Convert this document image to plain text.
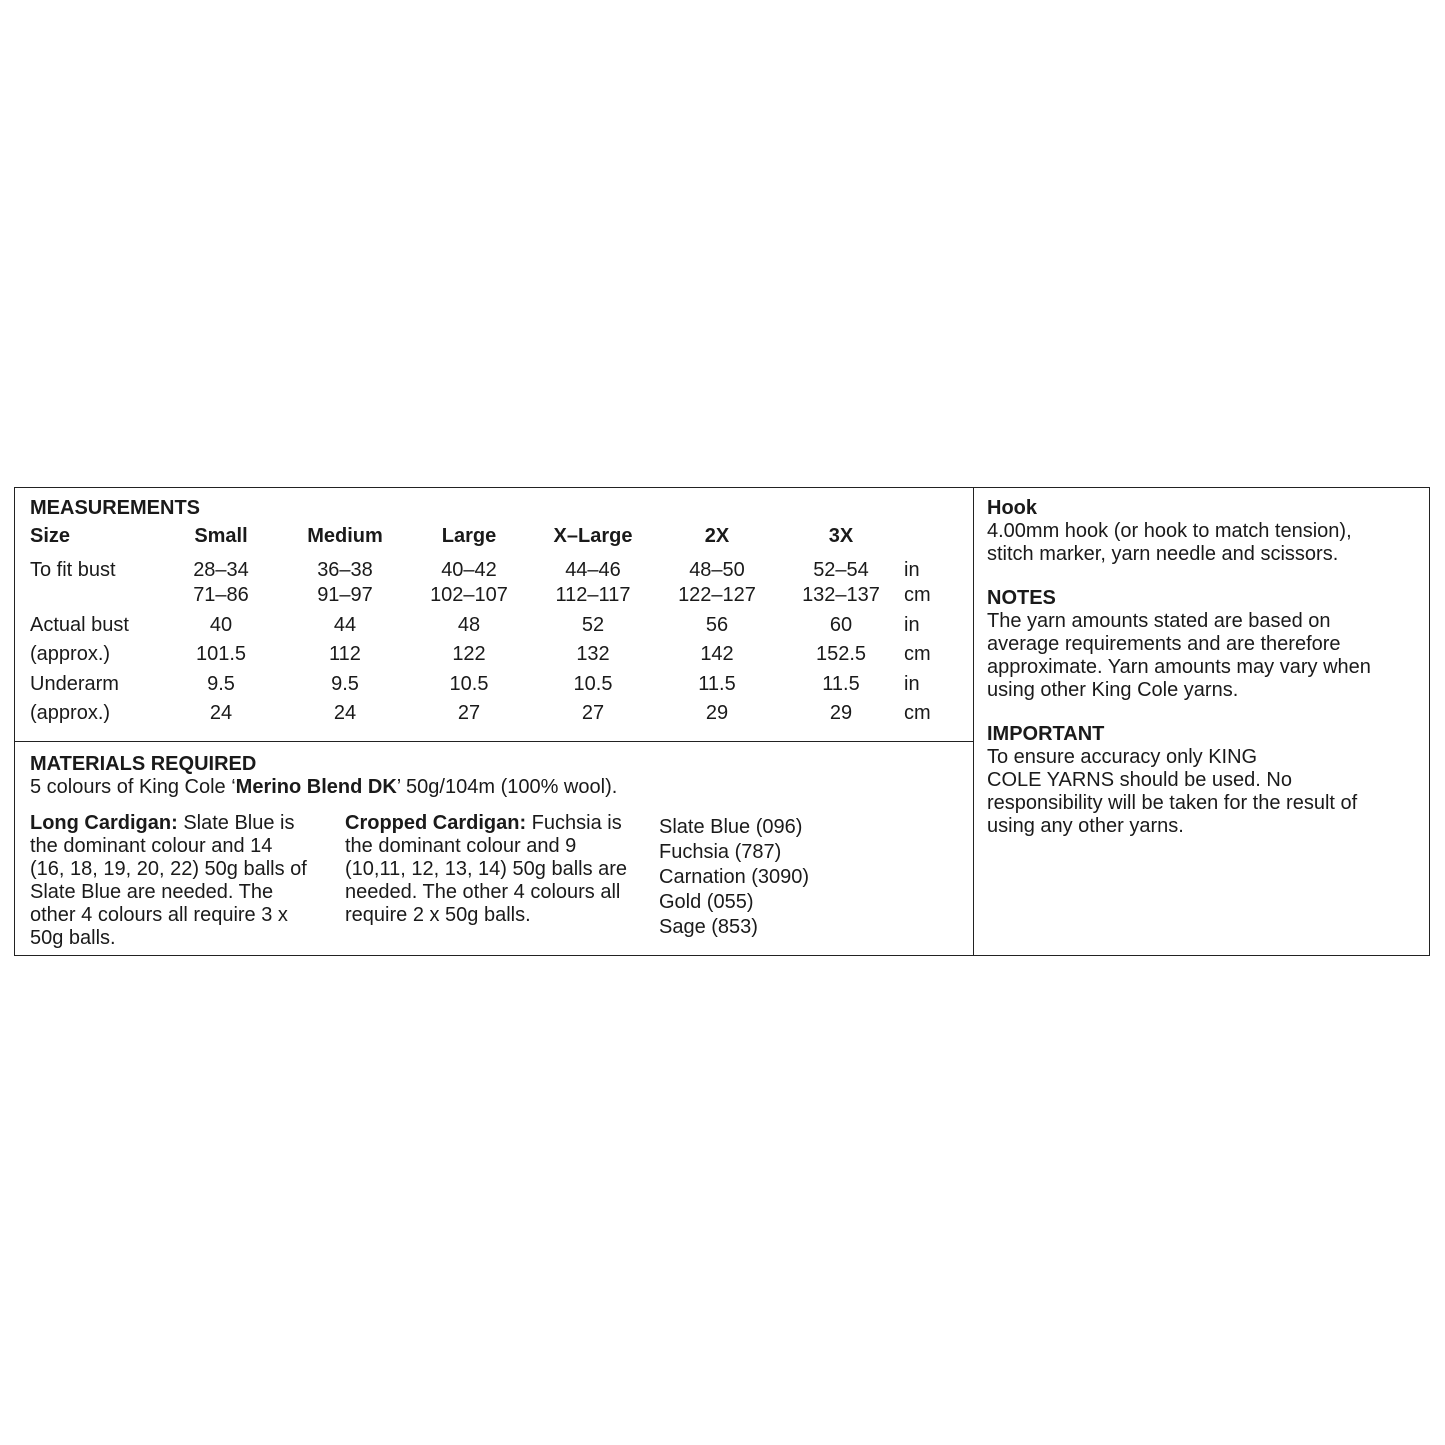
MEASUREMENTS
Size	Small	Medium	Large	X–Large	2X	3X
To fit bust	28–34	36–38	40–42	44–46	48–50	52–54	in
71–86	91–97	102–107	112–117	122–127	132–137	cm
Actual bust	40	44	48	52	56	60	in
(approx.)	101.5	112	122	132	142	152.5	cm
Underarm	9.5	9.5	10.5	10.5	11.5	11.5	in
(approx.)	24	24	27	27	29	29	cm
MATERIALS REQUIRED
5 colours of King Cole ‘Merino Blend DK’ 50g/104m (100% wool).
Long Cardigan: Slate Blue is
the dominant colour and 14
(16, 18, 19, 20, 22) 50g balls of
Slate Blue are needed. The
other 4 colours all require 3 x
50g balls.
Cropped Cardigan: Fuchsia is
the dominant colour and 9
(10,11, 12, 13, 14) 50g balls are
needed. The other 4 colours all
require 2 x 50g balls.
Slate Blue (096)
Fuchsia (787)
Carnation (3090)
Gold (055)
Sage (853)
Hook
4.00mm hook (or hook to match tension),
stitch marker, yarn needle and scissors.
NOTES
The yarn amounts stated are based on
average requirements and are therefore
approximate. Yarn amounts may vary when
using other King Cole yarns.
IMPORTANT
To ensure accuracy only KING
COLE YARNS should be used. No
responsibility will be taken for the result of
using any other yarns.
